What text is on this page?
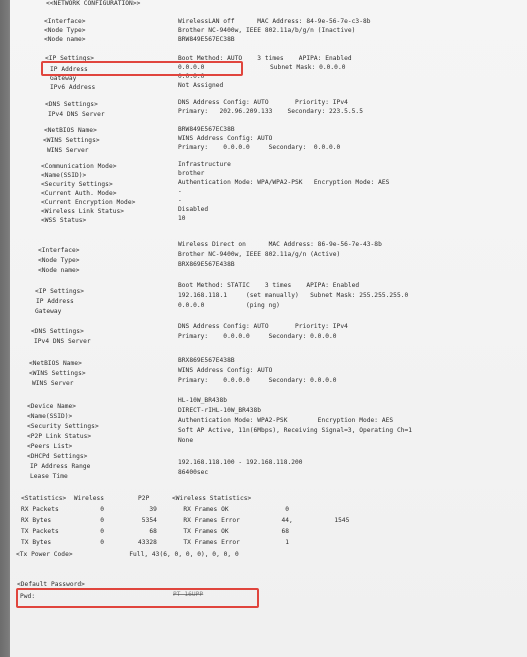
<<NETWORK CONFIGURATION>>
<Interface>
<Node Type>
<Node name>
WirelessLAN off      MAC Address: 84-9e-56-7e-c3-8b
Brother NC-9400w, IEEE 802.11a/b/g/n (Inactive)
BRW849E567EC38B
<IP Settings>
IP Address
Gateway
IPv6 Address
Boot Method: AUTO    3 times    APIPA: Enabled
0.0.0.0	Subnet Mask: 0.0.0.0
0.0.0.0
Not Assigned
<DNS Settings>
IPv4 DNS Server
DNS Address Config: AUTO       Priority: IPv4
Primary:   202.96.209.133    Secondary: 223.5.5.5
<NetBIOS Name>
<WINS Settings>
WINS Server
BRW849E567EC38B
WINS Address Config: AUTO
Primary:    0.0.0.0     Secondary:  0.0.0.0
<Communication Mode>
<Name(SSID)>
<Security Settings>
<Current Auth. Mode>
<Current Encryption Mode>
<Wireless Link Status>
<WSS Status>
Infrastructure
brother
Authentication Mode: WPA/WPA2-PSK   Encryption Mode: AES
-
-
Disabled
10
<Interface>
<Node Type>
<Node name>
Wireless Direct on      MAC Address: 86-9e-56-7e-43-8b
Brother NC-9400w, IEEE 802.11a/g/n (Active)
BRX869E567E438B
<IP Settings>
IP Address
Gateway
Boot Method: STATIC    3 times    APIPA: Enabled
192.168.118.1     (set manually)   Subnet Mask: 255.255.255.0
0.0.0.0           (ping ng)
<DNS Settings>
IPv4 DNS Server
DNS Address Config: AUTO       Priority: IPv4
Primary:    0.0.0.0     Secondary: 0.0.0.0
<NetBIOS Name>
<WINS Settings>
WINS Server
BRX869E567E438B
WINS Address Config: AUTO
Primary:    0.0.0.0     Secondary: 0.0.0.0
<Device Name>
<Name(SSID)>
<Security Settings>
<P2P Link Status>
<Peers List>
<DHCPd Settings>
IP Address Range
Lease Time
HL-10W_BR438b
DIRECT-rIHL-10W_BR438b
Authentication Mode: WPA2-PSK        Encryption Mode: AES
Soft AP Active, 11n(6Mbps), Receiving Signal=3, Operating Ch=1
None
192.168.118.100 - 192.168.118.200
86400sec
<Statistics>  Wireless         P2P      <Wireless Statistics>
RX Packets           0            39       RX Frames OK               0
RX Bytes             0          5354       RX Frames Error           44,           1545
TX Packets           0            68       TX Frames OK              68
TX Bytes             0         43328       TX Frames Error            1
<Tx Power Code>               Full, 43(6, 0, 0, 0), 0, 0, 0
<Default Password>
Pwd:	PT 16UPP
